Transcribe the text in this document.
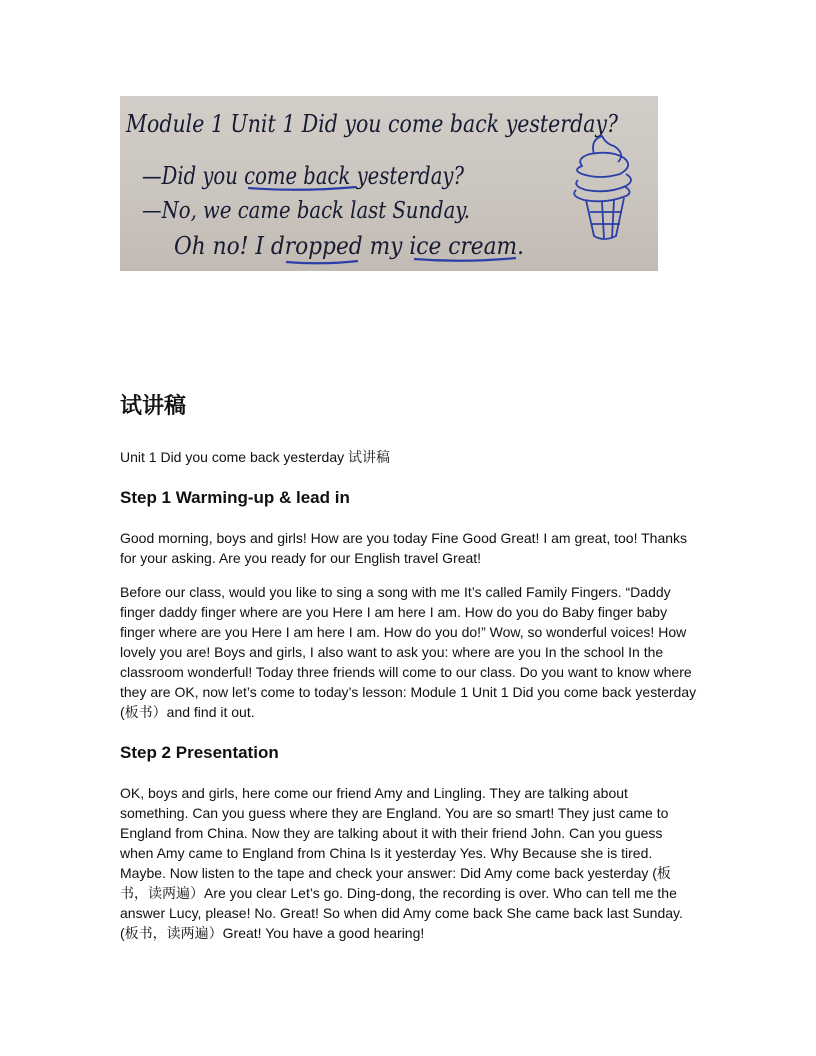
Module 1 Unit 1 Did you come back yesterday?
—Did you come back yesterday?
—No, we came back last Sunday.
Oh no! I dropped my ice cream.
试讲稿

Unit 1 Did you come back yesterday 试讲稿

Step 1 Warming-up & lead in

Good morning, boys and girls! How are you today Fine Good Great! I am great, too! Thanks for your asking. Are you ready for our English travel Great!

Before our class, would you like to sing a song with me It’s called Family Fingers. “Daddy finger daddy finger where are you Here I am here I am. How do you do Baby finger baby finger where are you Here I am here I am. How do you do!” Wow, so wonderful voices! How lovely you are! Boys and girls, I also want to ask you: where are you In the school In the classroom wonderful! Today three friends will come to our class. Do you want to know where they are OK, now let’s come to today’s lesson: Module 1 Unit 1 Did you come back yesterday (板书）and find it out.

Step 2 Presentation

OK, boys and girls, here come our friend Amy and Lingling. They are talking about something. Can you guess where they are England. You are so smart! They just came to England from China. Now they are talking about it with their friend John. Can you guess when Amy came to England from China Is it yesterday Yes. Why Because she is tired. Maybe. Now listen to the tape and check your answer: Did Amy come back yesterday (板书，读两遍）Are you clear Let’s go. Ding-dong, the recording is over. Who can tell me the answer Lucy, please! No. Great! So when did Amy come back She came back last Sunday. (板书，读两遍）Great! You have a good hearing!
